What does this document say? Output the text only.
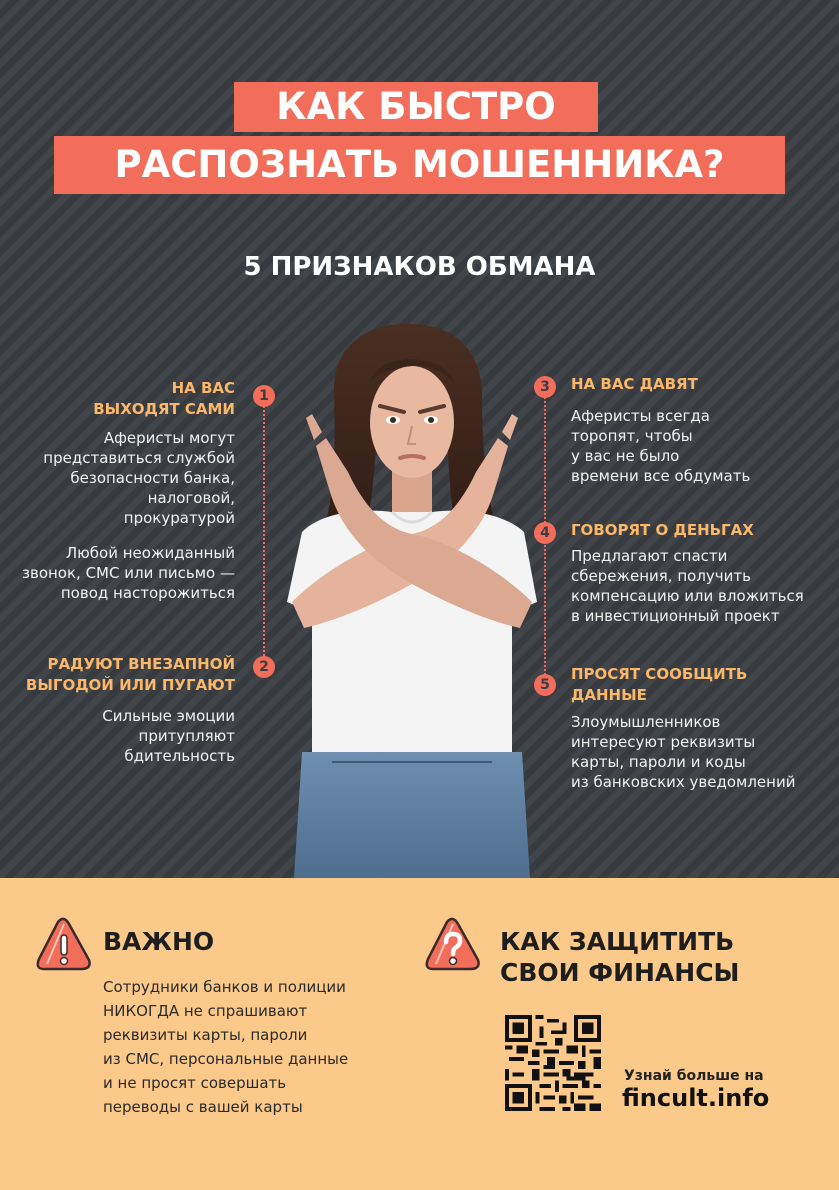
КАК БЫСТРО
РАСПОЗНАТЬ МОШЕННИКА?
5 ПРИЗНАКОВ ОБМАНА
1
НА ВАС
ВЫХОДЯТ САМИ
Аферисты могут
представиться службой
безопасности банка,
налоговой,
прокуратурой
Любой неожиданный
звонок, СМС или письмо —
повод насторожиться
2
РАДУЮТ ВНЕЗАПНОЙ
ВЫГОДОЙ ИЛИ ПУГАЮТ
Сильные эмоции
притупляют
бдительность
3	НА ВАС ДАВЯТ
Аферисты всегда
торопят, чтобы
у вас не было
времени все обдумать
4	ГОВОРЯТ О ДЕНЬГАХ
Предлагают спасти
сбережения, получить
компенсацию или вложиться
в инвестиционный проект
5
ПРОСЯТ СООБЩИТЬ
ДАННЫЕ
Злоумышленников
интересуют реквизиты
карты, пароли и коды
из банковских уведомлений
ВАЖНО
Сотрудники банков и полиции
НИКОГДА не спрашивают
реквизиты карты, пароли
из СМС, персональные данные
и не просят совершать
переводы с вашей карты
КАК ЗАЩИТИТЬ
СВОИ ФИНАНСЫ
Узнай больше на
fincult.info
